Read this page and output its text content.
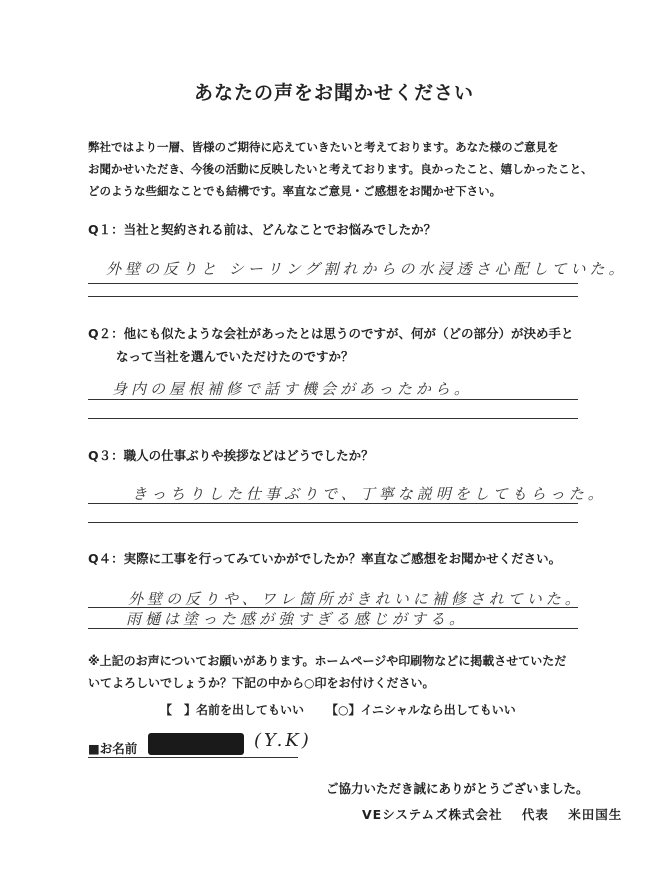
あなたの声をお聞かせください
弊社ではより一層、皆様のご期待に応えていきたいと考えております。あなた様のご意見を
お聞かせいただき、今後の活動に反映したいと考えております。良かったこと、嬉しかったこと、
どのような些細なことでも結構です。率直なご意見・ご感想をお聞かせ下さい。
Q１：当社と契約される前は、どんなことでお悩みでしたか？
外壁の反りと シーリング割れからの水浸透さ心配していた。
Q２：他にも似たような会社があったとは思うのですが、何が（どの部分）が決め手と
なって当社を選んでいただけたのですか？
身内の屋根補修で話す機会があったから。
Q３：職人の仕事ぶりや挨拶などはどうでしたか？
きっちりした仕事ぶりで、丁寧な説明をしてもらった。
Q４：実際に工事を行ってみていかがでしたか？率直なご感想をお聞かせください。
外壁の反りや、ワレ箇所がきれいに補修されていた。
雨樋は塗った感が強すぎる感じがする。
※上記のお声についてお願いがあります。ホームページや印刷物などに掲載させていただ
いてよろしいでしょうか？下記の中から○印をお付けください。
【　】名前を出してもいい 【○】イニシャルなら出してもいい
■お名前	(Y.K)
ご協力いただき誠にありがとうございました。
VEシステムズ株式会社 代表 米田国生
